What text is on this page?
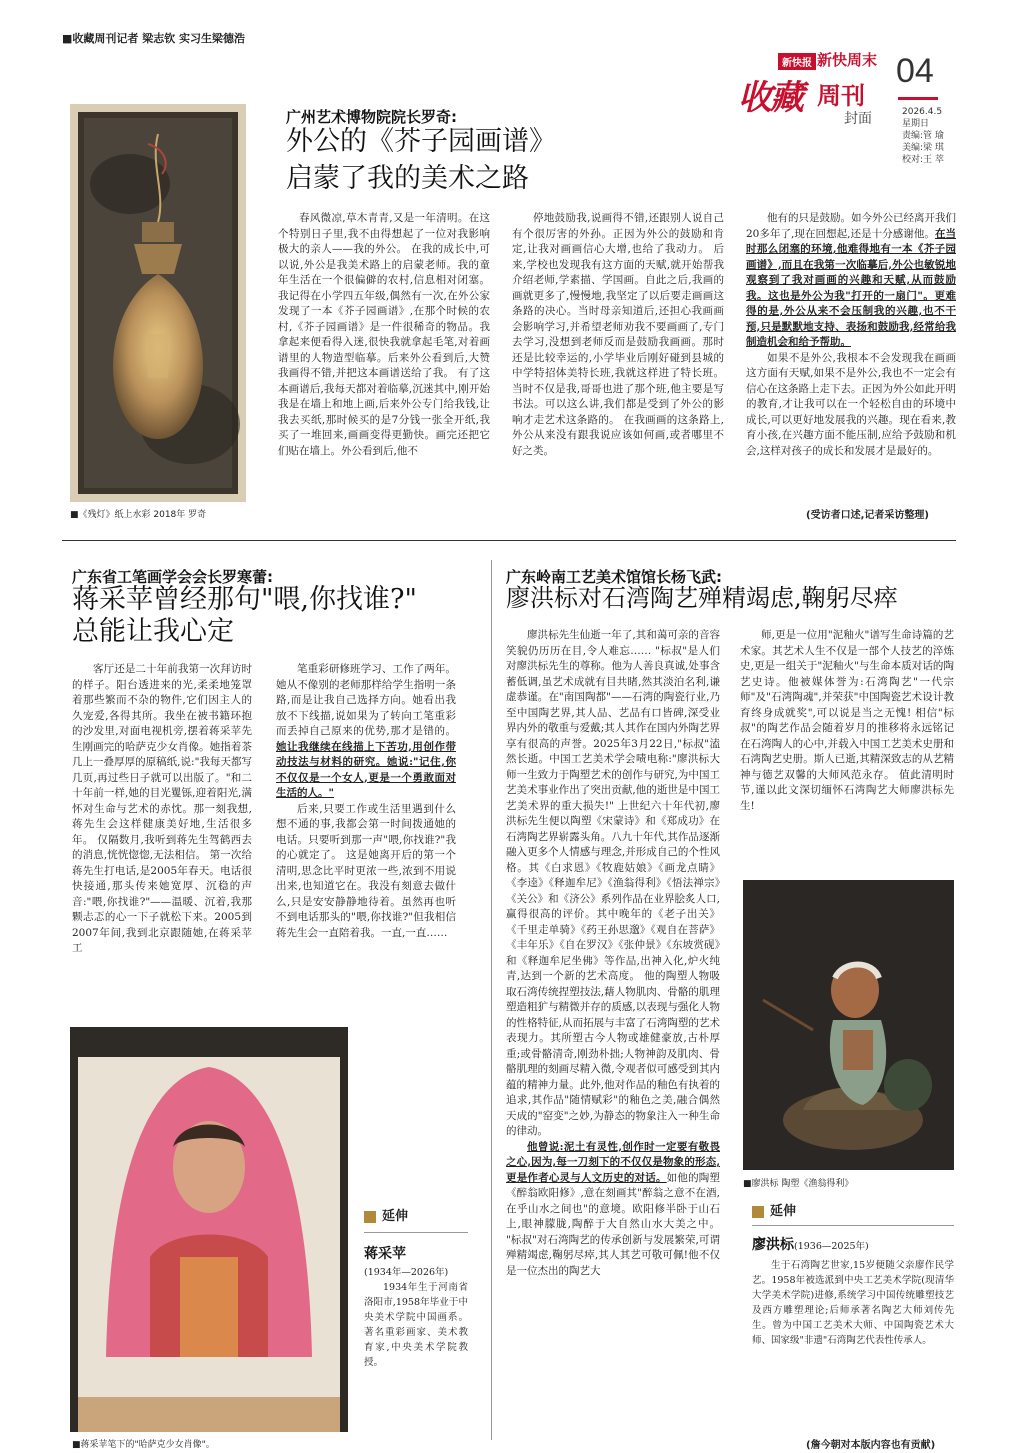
■收藏周刊记者 梁志钦 实习生梁德浩
新快报 新快周末
收藏 周刊
封面
04
2026.4.5
星期日
责编:管 瑜
美编:梁 琪
校对:王 萃
■《残灯》纸上水彩 2018年 罗奇
广州艺术博物院院长罗奇:
外公的《芥子园画谱》
启蒙了我的美术之路

春风微凉,草木青青,又是一年清明。在这个特别日子里,我不由得想起了一位对我影响极大的亲人——我的外公。 在我的成长中,可以说,外公是我美术路上的启蒙老师。我的童年生活在一个很偏僻的农村,信息相对闭塞。我记得在小学四五年级,偶然有一次,在外公家发现了一本《芥子园画谱》,在那个时候的农村,《芥子园画谱》是一件很稀奇的物品。我拿起来便看得入迷,很快我就拿起毛笔,对着画谱里的人物造型临摹。后来外公看到后,大赞我画得不错,并把这本画谱送给了我。 有了这本画谱后,我每天都对着临摹,沉迷其中,刚开始我是在墙上和地上画,后来外公专门给我钱,让我去买纸,那时候买的是7分钱一张全开纸,我买了一堆回来,画画变得更勤快。画完还把它们贴在墙上。外公看到后,他不

停地鼓励我,说画得不错,还跟别人说自己有个很厉害的外孙。正因为外公的鼓励和肯定,让我对画画信心大增,也给了我动力。 后来,学校也发现我有这方面的天赋,就开始帮我介绍老师,学素描、学国画。自此之后,我画的画就更多了,慢慢地,我坚定了以后要走画画这条路的决心。当时母亲知道后,还担心我画画会影响学习,并希望老师劝我不要画画了,专门去学习,没想到老师反而是鼓励我画画。那时还是比较幸运的,小学毕业后刚好碰到县城的中学特招体美特长班,我就这样进了特长班。当时不仅是我,哥哥也进了那个班,他主要是写书法。可以这么讲,我们都是受到了外公的影响才走艺术这条路的。 在我画画的这条路上,外公从来没有跟我说应该如何画,或者哪里不好之类。

他有的只是鼓励。如今外公已经离开我们20多年了,现在回想起,还是十分感谢他。在当时那么闭塞的环境,他难得地有一本《芥子园画谱》,而且在我第一次临摹后,外公也敏锐地观察到了我对画画的兴趣和天赋,从而鼓励我。这也是外公为我"打开的一扇门"。更难得的是,外公从来不会压制我的兴趣,也不干预,只是默默地支持、表扬和鼓励我,经常给我制造机会和给予帮助。

如果不是外公,我根本不会发现我在画画这方面有天赋,如果不是外公,我也不一定会有信心在这条路上走下去。正因为外公如此开明的教育,才让我可以在一个轻松自由的环境中成长,可以更好地发展我的兴趣。现在看来,教育小孩,在兴趣方面不能压制,应给予鼓励和机会,这样对孩子的成长和发展才是最好的。

(受访者口述,记者采访整理)
广东省工笔画学会会长罗寒蕾:
蒋采苹曾经那句"喂,你找谁?"
总能让我心定

客厅还是二十年前我第一次拜访时的样子。阳台透进来的光,柔柔地笼罩着那些繁而不杂的物件,它们因主人的久宠爱,各得其所。我坐在被书籍环抱的沙发里,对面电视机旁,摆着蒋采苹先生刚画完的哈萨克少女肖像。她指着茶几上一叠厚厚的原稿纸,说:"我每天都写几页,再过些日子就可以出版了。"和二十年前一样,她的目光矍铄,迎着阳光,满怀对生命与艺术的赤忱。那一刻我想,蒋先生会这样健康美好地,生活很多年。 仅隔数月,我听到蒋先生驾鹤西去的消息,恍恍惚惚,无法相信。 第一次给蒋先生打电话,是2005年春天。电话很快接通,那头传来她宽厚、沉稳的声音:"喂,你找谁?"——温暖、沉着,我那颗忐忑的心一下子就松下来。2005到2007年间,我到北京跟随她,在蒋采苹工

笔重彩研修班学习、工作了两年。她从不像别的老师那样给学生指明一条路,而是让我自己选择方向。她看出我放不下线描,说如果为了转向工笔重彩而丢掉自己原来的优势,那才是错的。她让我继续在线描上下苦功,用创作带动技法与材料的研究。她说:"记住,你不仅仅是一个女人,更是一个勇敢面对生活的人。"

后来,只要工作或生活里遇到什么想不通的事,我都会第一时间拨通她的电话。只要听到那一声"喂,你找谁?"我的心就定了。 这是她离开后的第一个清明,思念比平时更浓一些,浓到不用说出来,也知道它在。我没有刻意去做什么,只是安安静静地待着。虽然再也听不到电话那头的"喂,你找谁?"但我相信蒋先生会一直陪着我。一直,一直……

■蒋采苹笔下的"哈萨克少女肖像"。
延伸
蒋采苹
(1934年—2026年)

1934年生于河南省洛阳市,1958年毕业于中央美术学院中国画系。著名重彩画家、美术教育家,中央美术学院教授。

广东岭南工艺美术馆馆长杨飞武:
廖洪标对石湾陶艺殚精竭虑,鞠躬尽瘁

廖洪标先生仙逝一年了,其和蔼可亲的音容笑貌仍历历在目,令人难忘…… "标叔"是人们对廖洪标先生的尊称。他为人善良真诚,处事含蓄低调,虽艺术成就有目共睹,然其淡泊名利,谦虚恭谨。在"南国陶都"——石湾的陶瓷行业,乃至中国陶艺界,其人品、艺品有口皆碑,深受业界内外的敬重与爱戴;其人其作在国内外陶艺界享有很高的声誉。2025年3月22日,"标叔"溘然长逝。中国工艺美术学会啧电称:"廖洪标大师一生致力于陶塑艺术的创作与研究,为中国工艺美术事业作出了突出贡献,他的逝世是中国工艺美术界的重大损失!" 上世纪六十年代初,廖洪标先生便以陶塑《宋蒙诗》和《郑成功》在石湾陶艺界崭露头角。八九十年代,其作品逐渐融入更多个人情感与理念,并形成自己的个性风格。其《白求恩》《牧鹿姑娘》《画龙点睛》《李逵》《释迦牟尼》《渔翁得利》《悟法禅宗》《关公》和《济公》系列作品在业界脍炙人口,赢得很高的评价。其中晚年的《老子出关》《千里走单骑》《药王孙思邈》《观自在菩萨》《丰年乐》《自在罗汉》《张仲景》《东坡赏砚》和《释迦牟尼坐佛》等作品,出神入化,炉火纯青,达到一个新的艺术高度。 他的陶塑人物吸取石湾传统捏塑技法,藉人物肌肉、骨骼的肌理塑造粗犷与精微并存的质感,以表现与强化人物的性格特征,从而拓展与丰富了石湾陶塑的艺术表现力。其所塑古今人物或雄健豪放,古朴厚重;或骨骼清奇,刚劲朴拙;人物神韵及肌肉、骨骼肌理的刻画尽精入微,令观者似可感受到其内蕴的精神力量。此外,他对作品的釉色有执着的追求,其作品"随情赋彩"的釉色之美,融合偶然天成的"窑变"之妙,为静态的物象注入一种生命的律动。

他曾说:泥土有灵性,创作时一定要有敬畏之心,因为,每一刀刻下的不仅仅是物象的形态,更是作者心灵与人文历史的对话。如他的陶塑《醉翁欧阳修》,意在刻画其"醉翁之意不在酒,在乎山水之间也"的意境。欧阳修半卧于山石上,眼神朦胧,陶醉于大自然山水大美之中。 "标叔"对石湾陶艺的传承创新与发展繁荣,可谓殚精竭虑,鞠躬尽瘁,其人其艺可敬可佩!他不仅是一位杰出的陶艺大

师,更是一位用"泥釉火"谱写生命诗篇的艺术家。其艺术人生不仅是一部个人技艺的淬炼史,更是一组关于"泥釉火"与生命本质对话的陶艺史诗。他被媒体誉为:石湾陶艺"一代宗师"及"石湾陶魂",并荣获"中国陶瓷艺术设计教育终身成就奖",可以说是当之无愧! 相信"标叔"的陶艺作品会随着岁月的推移将永远铭记在石湾陶人的心中,并载入中国工艺美术史册和石湾陶艺史册。斯人已逝,其精深致志的从艺精神与德艺双馨的大师风范永存。 值此清明时节,谨以此文深切缅怀石湾陶艺大师廖洪标先生!

■廖洪标 陶塑《渔翁得利》
延伸
廖洪标(1936—2025年)

生于石湾陶艺世家,15岁便随父亲廖作民学艺。1958年被选派到中央工艺美术学院(现清华大学美术学院)进修,系统学习中国传统雕塑技艺及西方雕塑理论;后师承著名陶艺大师刘传先生。曾为中国工艺美术大师、中国陶瓷艺术大师、国家级"非遗"石湾陶艺代表性传承人。

(詹今朝对本版内容也有贡献)
